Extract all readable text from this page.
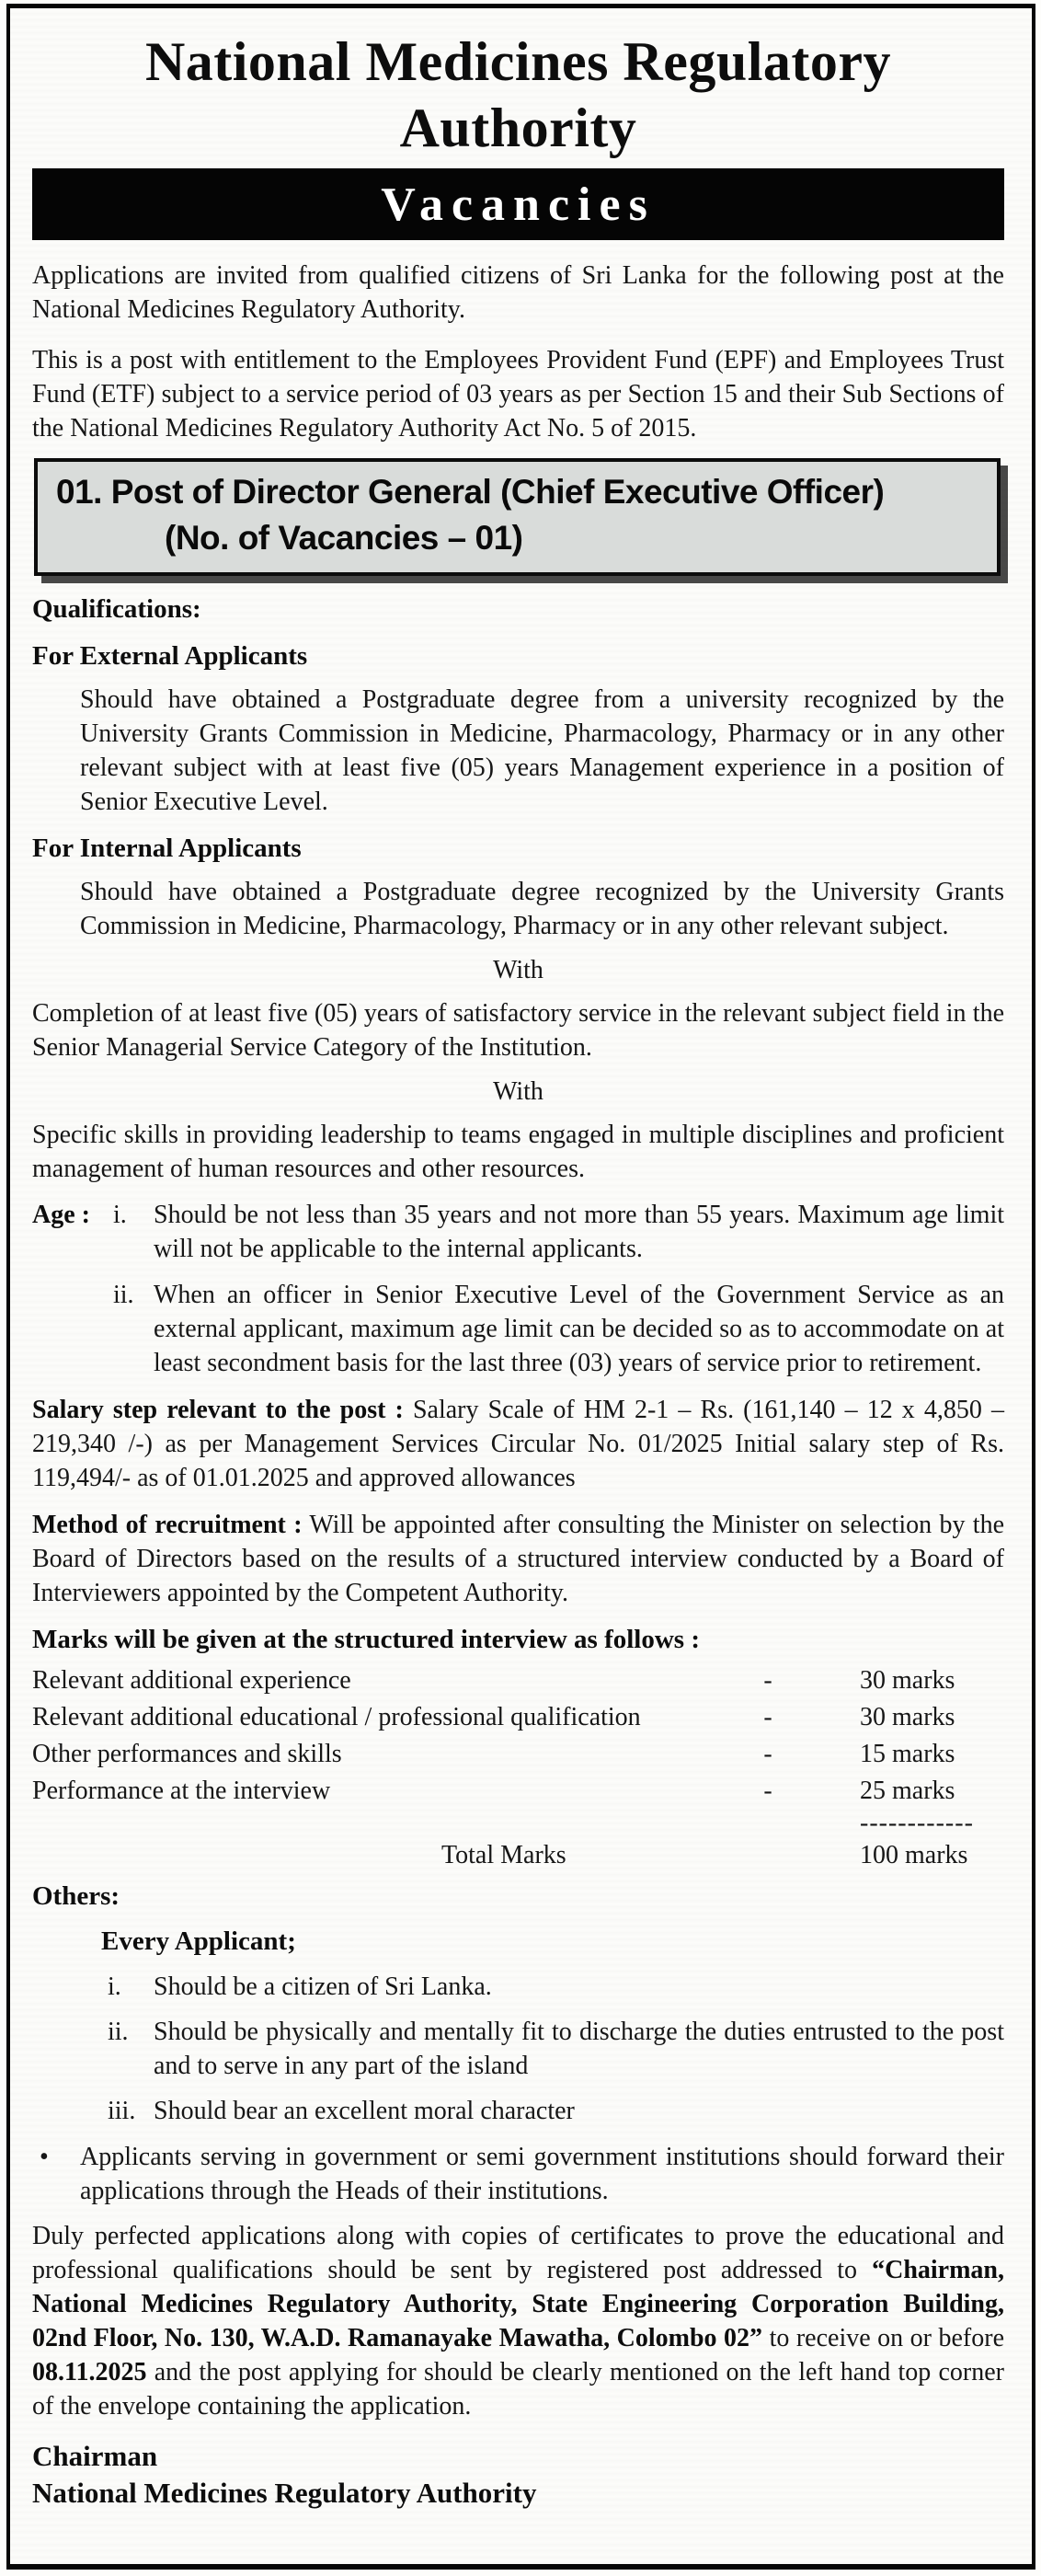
National Medicines Regulatory
Authority
Vacancies

Applications are invited from qualified citizens of Sri Lanka for the following post at the National Medicines Regulatory Authority.

This is a post with entitlement to the Employees Provident Fund (EPF) and Employees Trust Fund (ETF) subject to a service period of 03 years as per Section 15 and their Sub Sections of the National Medicines Regulatory Authority Act No. 5 of 2015.

01. Post of Director General (Chief Executive Officer)
(No. of Vacancies – 01)
Qualifications:
For External Applicants

Should have obtained a Postgraduate degree from a university recognized by the University Grants Commission in Medicine, Pharmacology, Pharmacy or in any other relevant subject with at least five (05) years Management experience in a position of Senior Executive Level.

For Internal Applicants

Should have obtained a Postgraduate degree recognized by the University Grants Commission in Medicine, Pharmacology, Pharmacy or in any other relevant subject.

With

Completion of at least five (05) years of satisfactory service in the relevant subject field in the Senior Managerial Service Category of the Institution.

With

Specific skills in providing leadership to teams engaged in multiple disciplines and proficient management of human resources and other resources.

Age : i.	Should be not less than 35 years and not more than 55 years. Maximum age limit will not be applicable to the internal applicants.
ii. When an officer in Senior Executive Level of the Government Service as an external applicant, maximum age limit can be decided so as to accommodate on at least secondment basis for the last three (03) years of service prior to retirement.

Salary step relevant to the post : Salary Scale of HM 2-1 – Rs. (161,140 – 12 x 4,850 – 219,340 /-) as per Management Services Circular No. 01/2025 Initial salary step of Rs. 119,494/- as of 01.01.2025 and approved allowances

Method of recruitment : Will be appointed after consulting the Minister on selection by the Board of Directors based on the results of a structured interview conducted by a Board of Interviewers appointed by the Competent Authority.

Marks will be given at the structured interview as follows :
Relevant additional experience	-	30 marks
Relevant additional educational / professional qualification	-	30 marks
Other performances and skills	-	15 marks
Performance at the interview	-	25 marks
------------
Total Marks	100 marks
Others:
Every Applicant;
i.	Should be a citizen of Sri Lanka.
ii. Should be physically and mentally fit to discharge the duties entrusted to the post and to serve in any part of the island
iii. Should bear an excellent moral character
•	Applicants serving in government or semi government institutions should forward their applications through the Heads of their institutions.

Duly perfected applications along with copies of certificates to prove the educational and professional qualifications should be sent by registered post addressed to “Chairman, National Medicines Regulatory Authority, State Engineering Corporation Building, 02nd Floor, No. 130, W.A.D. Ramanayake Mawatha, Colombo 02” to receive on or before 08.11.2025 and the post applying for should be clearly mentioned on the left hand top corner of the envelope containing the application.

Chairman
National Medicines Regulatory Authority
